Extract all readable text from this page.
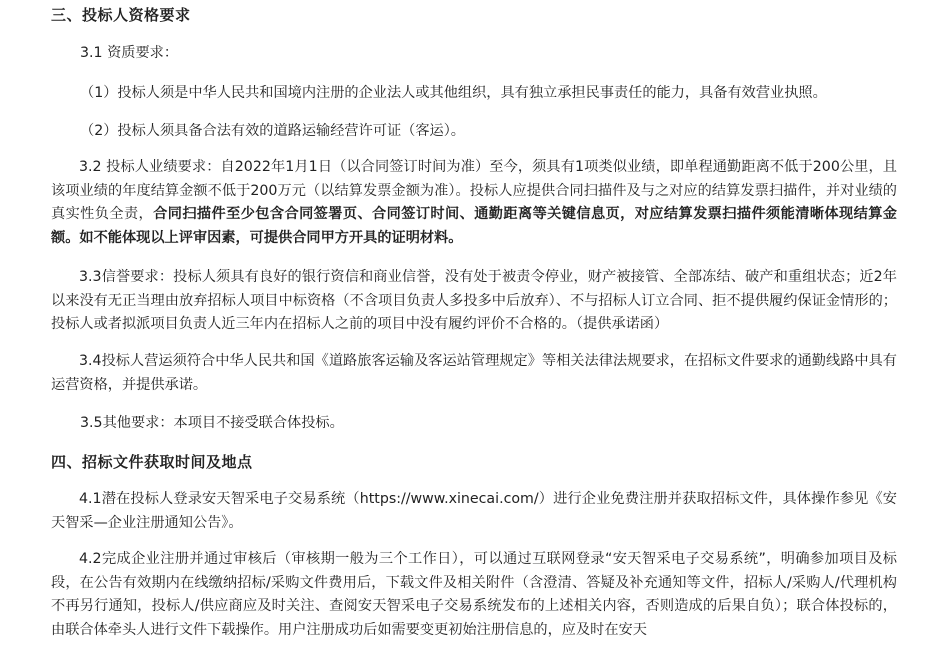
三、投标人资格要求
3.1 资质要求：
（1）投标人须是中华人民共和国境内注册的企业法人或其他组织，具有独立承担民事责任的能力，具备有效营业执照。
（2）投标人须具备合法有效的道路运输经营许可证（客运）。
3.2 投标人业绩要求：自2022年1月1日（以合同签订时间为准）至今，须具有1项类似业绩，即单程通勤距离不低于200公里，且该项业绩的年度结算金额不低于200万元（以结算发票金额为准）。投标人应提供合同扫描件及与之对应的结算发票扫描件，并对业绩的真实性负全责，合同扫描件至少包含合同签署页、合同签订时间、通勤距离等关键信息页，对应结算发票扫描件须能清晰体现结算金额。如不能体现以上评审因素，可提供合同甲方开具的证明材料。
3.3信誉要求：投标人须具有良好的银行资信和商业信誉，没有处于被责令停业，财产被接管、全部冻结、破产和重组状态；近2年以来没有无正当理由放弃招标人项目中标资格（不含项目负责人多投多中后放弃）、不与招标人订立合同、拒不提供履约保证金情形的；投标人或者拟派项目负责人近三年内在招标人之前的项目中没有履约评价不合格的。（提供承诺函）
3.4投标人营运须符合中华人民共和国《道路旅客运输及客运站管理规定》等相关法律法规要求，在招标文件要求的通勤线路中具有运营资格，并提供承诺。
3.5其他要求：本项目不接受联合体投标。
四、招标文件获取时间及地点
4.1潜在投标人登录安天智采电子交易系统（https://www.xinecai.com/）进行企业免费注册并获取招标文件，具体操作参见《安天智采—企业注册通知公告》。
4.2完成企业注册并通过审核后（审核期一般为三个工作日），可以通过互联网登录“安天智采电子交易系统”，明确参加项目及标段，在公告有效期内在线缴纳招标/采购文件费用后，下载文件及相关附件（含澄清、答疑及补充通知等文件，招标人/采购人/代理机构不再另行通知，投标人/供应商应及时关注、查阅安天智采电子交易系统发布的上述相关内容，否则造成的后果自负）；联合体投标的，由联合体牵头人进行文件下载操作。用户注册成功后如需要变更初始注册信息的，应及时在安天
